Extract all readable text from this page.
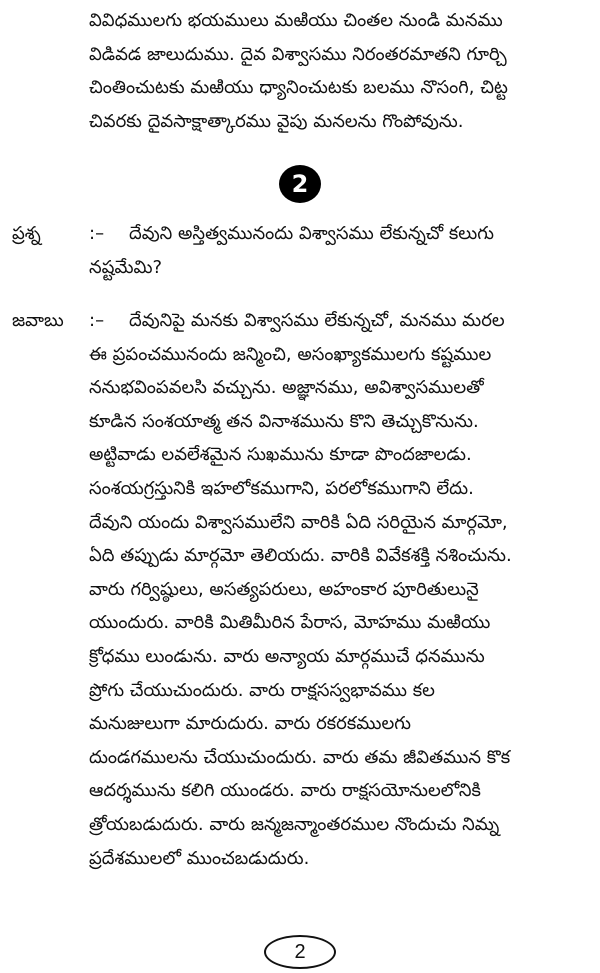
వివిధములగు భయములు మఱియు చింతల నుండి మనము
విడివడ జాలుదుము. దైవ విశ్వాసము నిరంతరమాతని గూర్చి
చింతించుటకు మఱియు ధ్యానించుటకు బలము నొసంగి, చిట్ట
చివరకు దైవసాక్షాత్కారము వైపు మనలను గొంపోవును.
2
ప్రశ్న	:–	దేవుని అస్తిత్వమునందు విశ్వాసము లేకున్నచో కలుగు
నష్టమేమి?
జవాబు :–	దేవునిపై మనకు విశ్వాసము లేకున్నచో, మనము మరల
ఈ ప్రపంచమునందు జన్మించి, అసంఖ్యాకములగు కష్టముల
ననుభవింపవలసి వచ్చును. అజ్ఞానము, అవిశ్వాసములతో
కూడిన సంశయాత్మ తన వినాశమును కొని తెచ్చుకొనును.
అట్టివాడు లవలేశమైన సుఖమును కూడా పొందజాలడు.
సంశయగ్రస్తునికి ఇహలోకముగాని, పరలోకముగాని లేదు.
దేవుని యందు విశ్వాసములేని వారికి ఏది సరియైన మార్గమో,
ఏది తప్పుడు మార్గమో తెలియదు. వారికి వివేకశక్తి నశించును.
వారు గర్విష్ఠులు, అసత్యపరులు, అహంకార పూరితులునై
యుందురు. వారికి మితిమీరిన పేరాస, మోహము మఱియు
క్రోధము లుండును. వారు అన్యాయ మార్గముచే ధనమును
ప్రోగు చేయుచుందురు. వారు రాక్షసస్వభావము కల
మనుజులుగా మారుదురు. వారు రకరకములగు
దుండగములను చేయుచుందురు. వారు తమ జీవితమున కొక
ఆదర్శమును కలిగి యుండరు. వారు రాక్షసయోనులలోనికి
త్రోయబడుదురు. వారు జన్మజన్మాంతరముల నొందుచు నిమ్న
ప్రదేశములలో ముంచబడుదురు.
2
